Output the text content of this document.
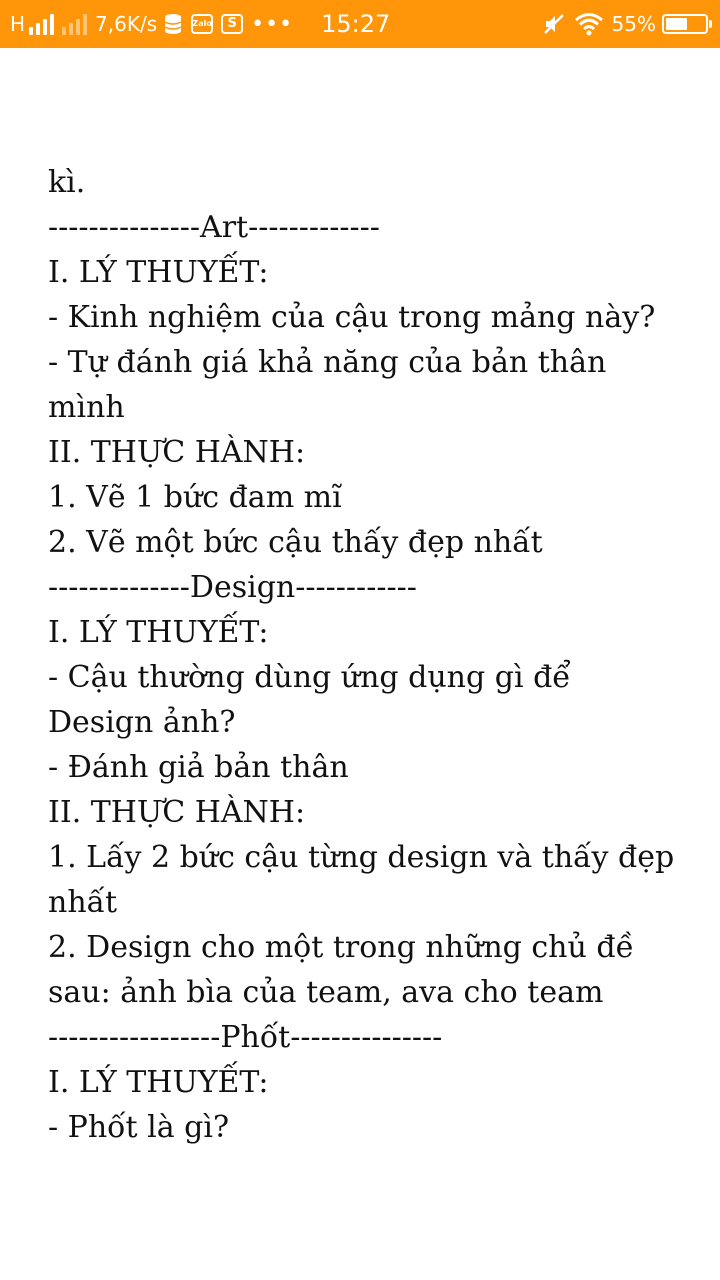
H	7,6K/s	Zalo	S ••• 15:27	55%
kì.
---------------Art-------------
I. LÝ THUYẾT:
- Kinh nghiệm của cậu trong mảng này?
- Tự đánh giá khả năng của bản thân
mình
II. THỰC HÀNH:
1. Vẽ 1 bức đam mĩ
2. Vẽ một bức cậu thấy đẹp nhất
--------------Design------------
I. LÝ THUYẾT:
- Cậu thường dùng ứng dụng gì để
Design ảnh?
- Đánh giả bản thân
II. THỰC HÀNH:
1. Lấy 2 bức cậu từng design và thấy đẹp
nhất
2. Design cho một trong những chủ đề
sau: ảnh bìa của team, ava cho team
-----------------Phốt---------------
I. LÝ THUYẾT:
- Phốt là gì?
